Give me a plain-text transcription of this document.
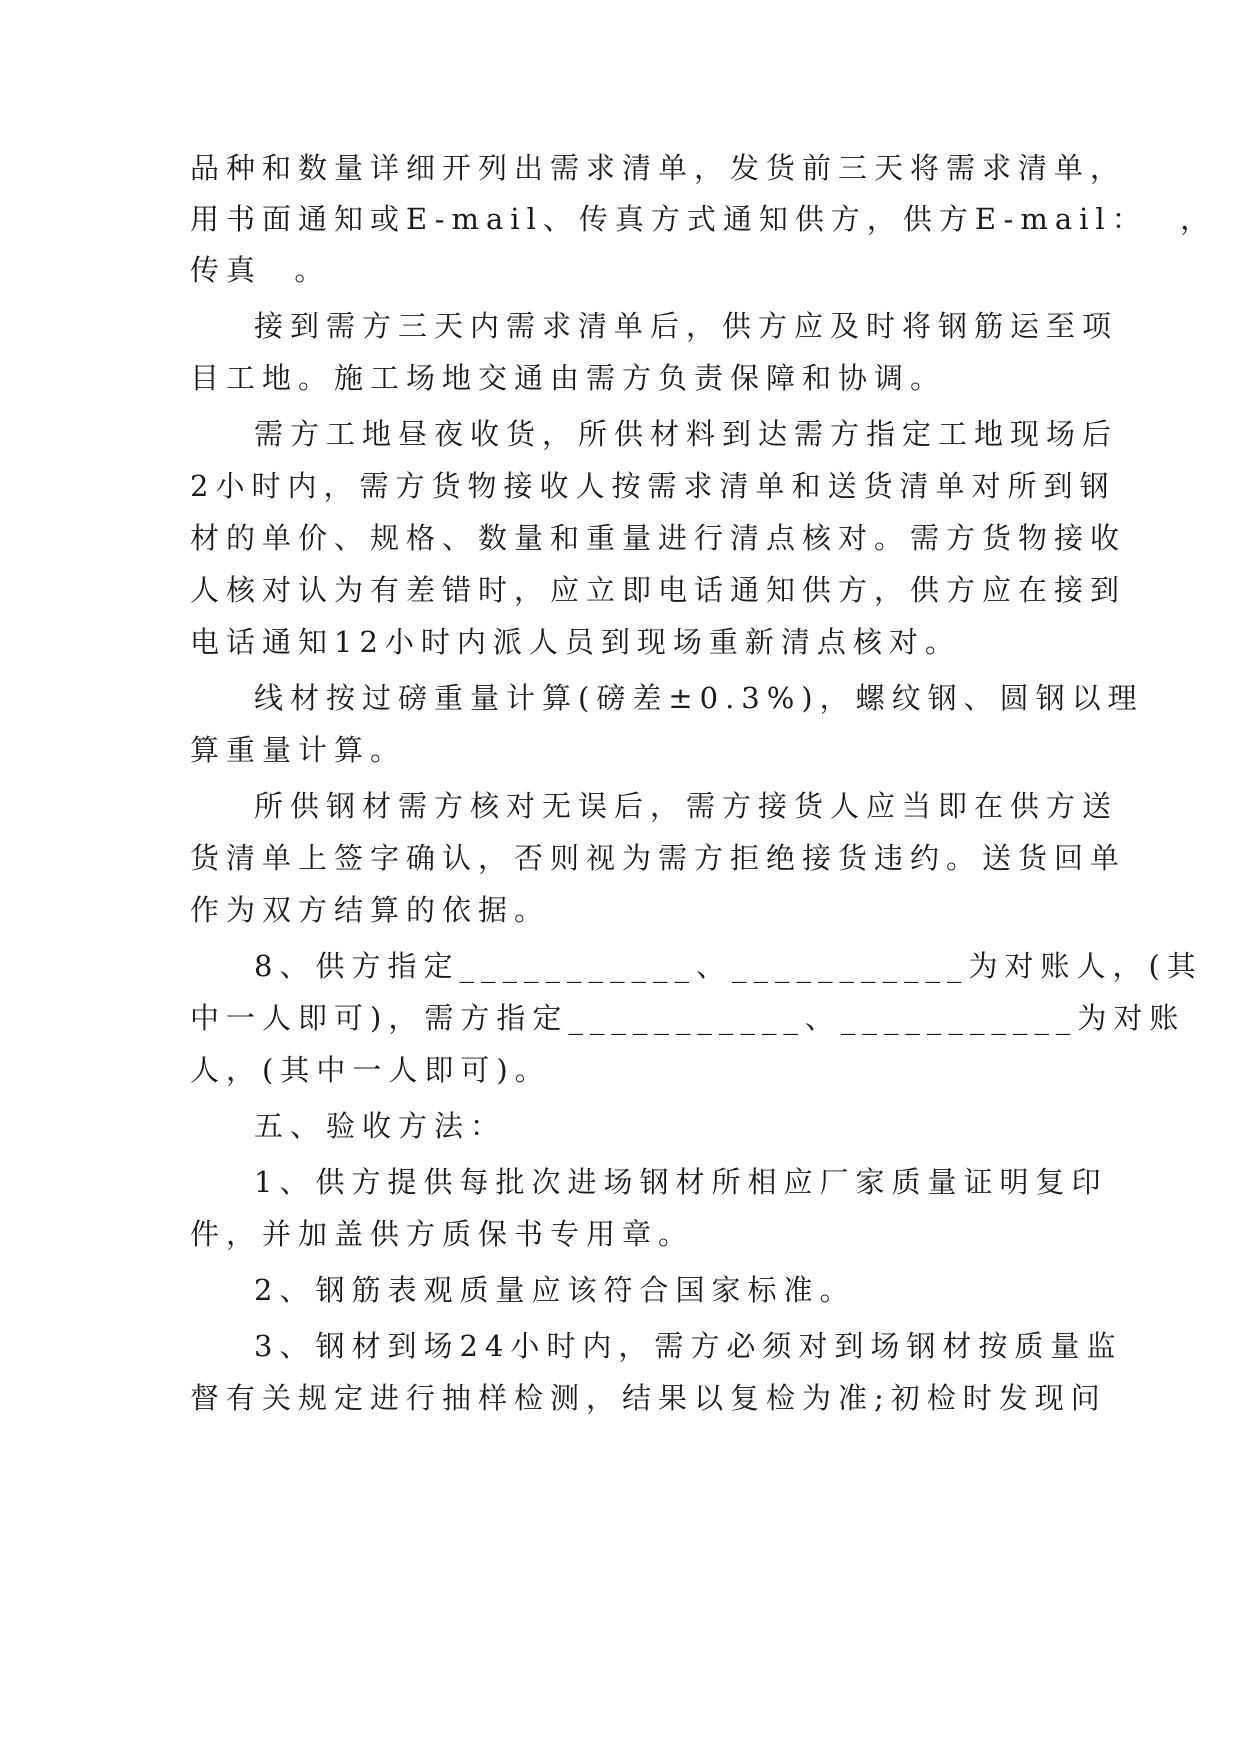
品种和数量详细开列出需求清单，发货前三天将需求清单，
用书面通知或E-mail、传真方式通知供方，供方E-mail：  ，
传真  。
接到需方三天内需求清单后，供方应及时将钢筋运至项
目工地。施工场地交通由需方负责保障和协调。
需方工地昼夜收货，所供材料到达需方指定工地现场后
2小时内，需方货物接收人按需求清单和送货清单对所到钢
材的单价、规格、数量和重量进行清点核对。需方货物接收
人核对认为有差错时，应立即电话通知供方，供方应在接到
电话通知12小时内派人员到现场重新清点核对。
线材按过磅重量计算(磅差±0.3%)，螺纹钢、圆钢以理
算重量计算。
所供钢材需方核对无误后，需方接货人应当即在供方送
货清单上签字确认，否则视为需方拒绝接货违约。送货回单
作为双方结算的依据。
8、供方指定___________、___________为对账人，(其
中一人即可)，需方指定___________、___________为对账
人，(其中一人即可)。
五、验收方法：
1、供方提供每批次进场钢材所相应厂家质量证明复印
件，并加盖供方质保书专用章。
2、钢筋表观质量应该符合国家标准。
3、钢材到场24小时内，需方必须对到场钢材按质量监
督有关规定进行抽样检测，结果以复检为准;初检时发现问
